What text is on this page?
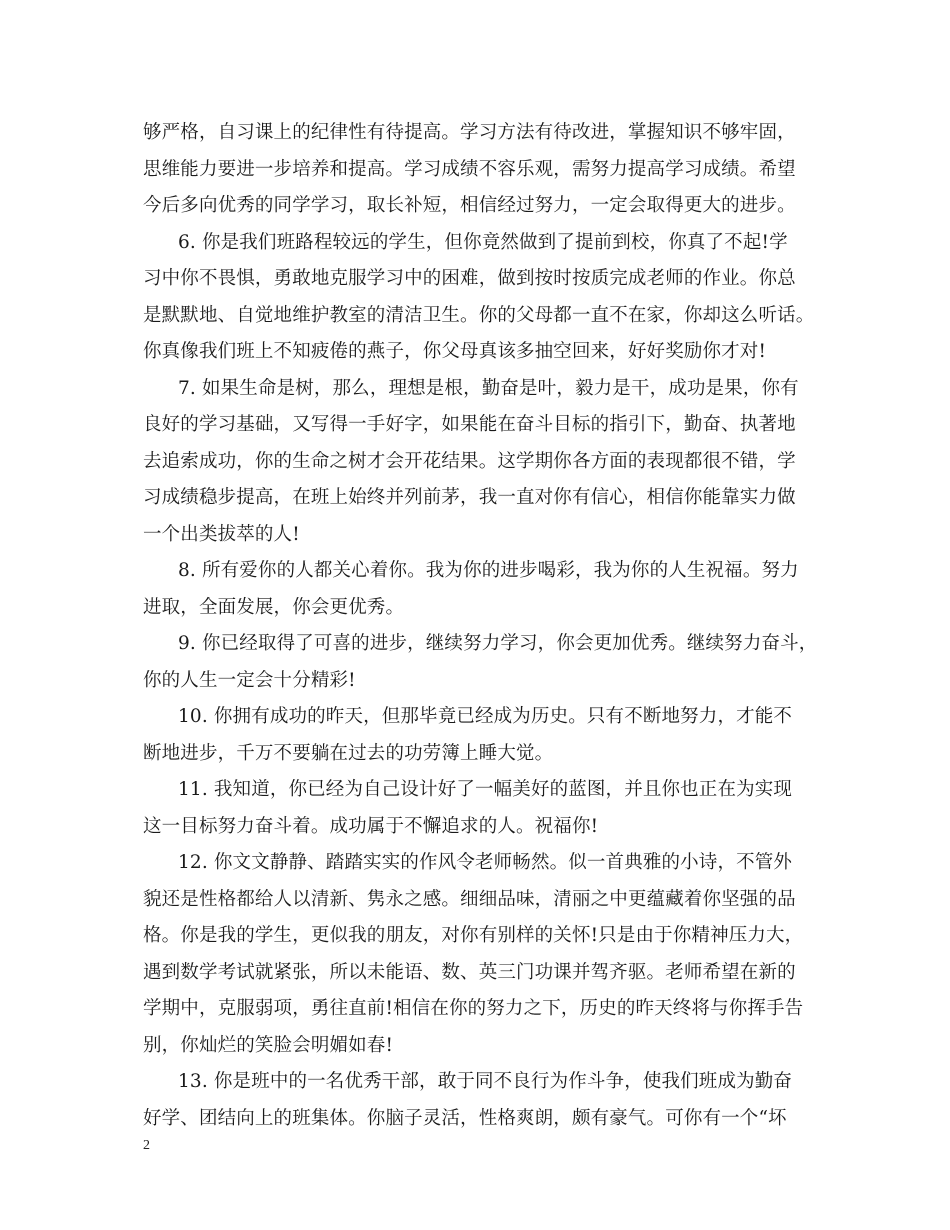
够严格，自习课上的纪律性有待提高。学习方法有待改进，掌握知识不够牢固，
思维能力要进一步培养和提高。学习成绩不容乐观，需努力提高学习成绩。希望
今后多向优秀的同学学习，取长补短，相信经过努力，一定会取得更大的进步。
6. 你是我们班路程较远的学生，但你竟然做到了提前到校，你真了不起!学
习中你不畏惧，勇敢地克服学习中的困难，做到按时按质完成老师的作业。你总
是默默地、自觉地维护教室的清洁卫生。你的父母都一直不在家，你却这么听话。
你真像我们班上不知疲倦的燕子，你父母真该多抽空回来，好好奖励你才对!
7. 如果生命是树，那么，理想是根，勤奋是叶，毅力是干，成功是果，你有
良好的学习基础，又写得一手好字，如果能在奋斗目标的指引下，勤奋、执著地
去追索成功，你的生命之树才会开花结果。这学期你各方面的表现都很不错，学
习成绩稳步提高，在班上始终并列前茅，我一直对你有信心，相信你能靠实力做
一个出类拔萃的人!
8. 所有爱你的人都关心着你。我为你的进步喝彩，我为你的人生祝福。努力
进取，全面发展，你会更优秀。
9. 你已经取得了可喜的进步，继续努力学习，你会更加优秀。继续努力奋斗，
你的人生一定会十分精彩!
10. 你拥有成功的昨天，但那毕竟已经成为历史。只有不断地努力，才能不
断地进步，千万不要躺在过去的功劳簿上睡大觉。
11. 我知道，你已经为自己设计好了一幅美好的蓝图，并且你也正在为实现
这一目标努力奋斗着。成功属于不懈追求的人。祝福你!
12. 你文文静静、踏踏实实的作风令老师畅然。似一首典雅的小诗，不管外
貌还是性格都给人以清新、隽永之感。细细品味，清丽之中更蕴藏着你坚强的品
格。你是我的学生，更似我的朋友，对你有别样的关怀!只是由于你精神压力大，
遇到数学考试就紧张，所以未能语、数、英三门功课并驾齐驱。老师希望在新的
学期中，克服弱项，勇往直前!相信在你的努力之下，历史的昨天终将与你挥手告
别，你灿烂的笑脸会明媚如春!
13. 你是班中的一名优秀干部，敢于同不良行为作斗争，使我们班成为勤奋
好学、团结向上的班集体。你脑子灵活，性格爽朗，颇有豪气。可你有一个“坏
2
